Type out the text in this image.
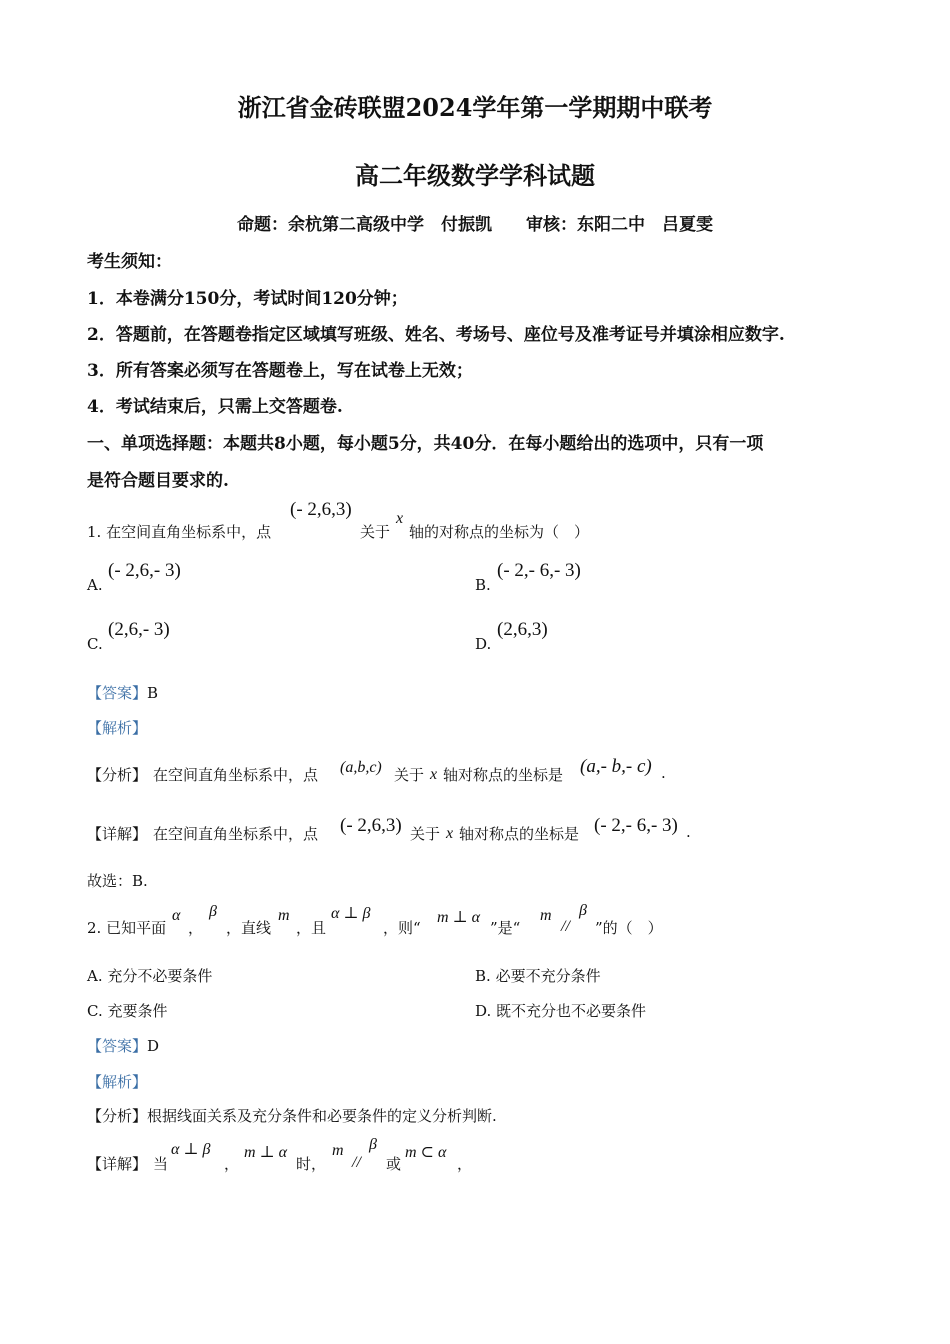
浙江省金砖联盟2024学年第一学期期中联考
高二年级数学学科试题
命题：余杭第二高级中学　付振凯　　审核：东阳二中　吕夏雯
考生须知：
1．本卷满分150分，考试时间120分钟；
2．答题前，在答题卷指定区域填写班级、姓名、考场号、座位号及准考证号并填涂相应数字.
3．所有答案必须写在答题卷上，写在试卷上无效；
4．考试结束后，只需上交答题卷.
一、单项选择题：本题共8小题，每小题5分，共40分．在每小题给出的选项中，只有一项
是符合题目要求的.
1. 在空间直角坐标系中，点
(- 2,6,3)
关于
x
轴的对称点的坐标为（　）
A.
(- 2,6,- 3)
B.
(- 2,- 6,- 3)
C.
(2,6,- 3)
D.
(2,6,3)
【答案】B
【解析】
【分析】 在空间直角坐标系中，点 (a,b,c) 关于 x 轴对称点的坐标是 (a,- b,- c) .
【详解】 在空间直角坐标系中，点 (- 2,6,3) 关于 x 轴对称点的坐标是 (- 2,- 6,- 3) .
故选：B.
2. 已知平面
α
，
β
，直线
m
，且
α ⊥ β
，则“
m ⊥ α
”是“
m
//
β
”的（　）
A. 充分不必要条件	B. 必要不充分条件
C. 充要条件	D. 既不充分也不必要条件
【答案】D
【解析】
【分析】根据线面关系及充分条件和必要条件的定义分析判断.
【详解】 当
α ⊥ β
，
m ⊥ α
时，
m
//
β
或
m ⊂ α
，
